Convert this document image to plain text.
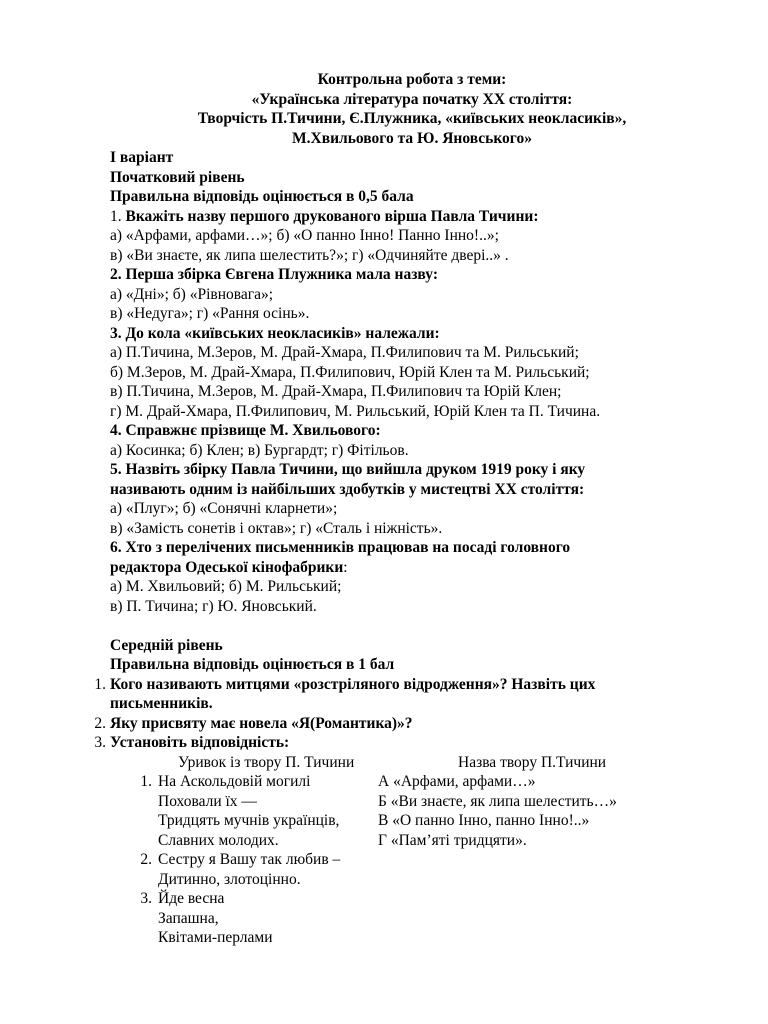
Контрольна робота з теми:
«Українська література початку ХХ століття:
Творчість П.Тичини, Є.Плужника, «київських неокласиків»,
М.Хвильового та Ю. Яновського»
І варіант
Початковий рівень
Правильна відповідь оцінюється в 0,5 бала
1. Вкажіть назву першого друкованого вірша Павла Тичини:
а) «Арфами, арфами…»; б) «О панно Інно! Панно Інно!..»;
в) «Ви знаєте, як липа шелестить?»; г) «Одчиняйте двері..» .
2. Перша збірка Євгена Плужника мала назву:
а) «Дні»; б) «Рівновага»;
в) «Недуга»; г) «Рання осінь».
3. До кола «київських неокласиків» належали:
а) П.Тичина, М.Зеров, М. Драй-Хмара, П.Филипович та М. Рильський;
б) М.Зеров, М. Драй-Хмара, П.Филипович, Юрій Клен та М. Рильський;
в) П.Тичина, М.Зеров, М. Драй-Хмара, П.Филипович та Юрій Клен;
г) М. Драй-Хмара, П.Филипович, М. Рильський, Юрій Клен та П. Тичина.
4. Справжнє прізвище М. Хвильового:
а) Косинка; б) Клен; в) Бургардт; г) Фітільов.
5. Назвіть збірку Павла Тичини, що вийшла друком 1919 року і яку
називають одним із найбільших здобутків у мистецтві ХХ століття:
а) «Плуг»; б) «Сонячні кларнети»;
в) «Замість сонетів і октав»; г) «Сталь і ніжність».
6. Хто з перелічених письменників працював на посаді головного
редактора Одеської кінофабрики:
а) М. Хвильовий; б) М. Рильський;
в) П. Тичина; г) Ю. Яновський.
Середній рівень
Правильна відповідь оцінюється в 1 бал
1. Кого називають митцями «розстріляного відродження»? Назвіть цих
письменників.
2. Яку присвяту має новела «Я(Романтика)»?
3. Установіть відповідність:
Уривок із твору П. Тичини	Назва твору П.Тичини
1. На Аскольдовій могилі
Поховали їх —
Тридцять мучнів українців,
Славних молодих.
2. Сестру я Вашу так любив –
Дитинно, злотоцінно.
3. Йде весна
Запашна,
Квітами-перлами
А «Арфами, арфами…»
Б «Ви знаєте, як липа шелестить…»
В «О панно Інно, панно Інно!..»
Г «Пам’яті тридцяти».
